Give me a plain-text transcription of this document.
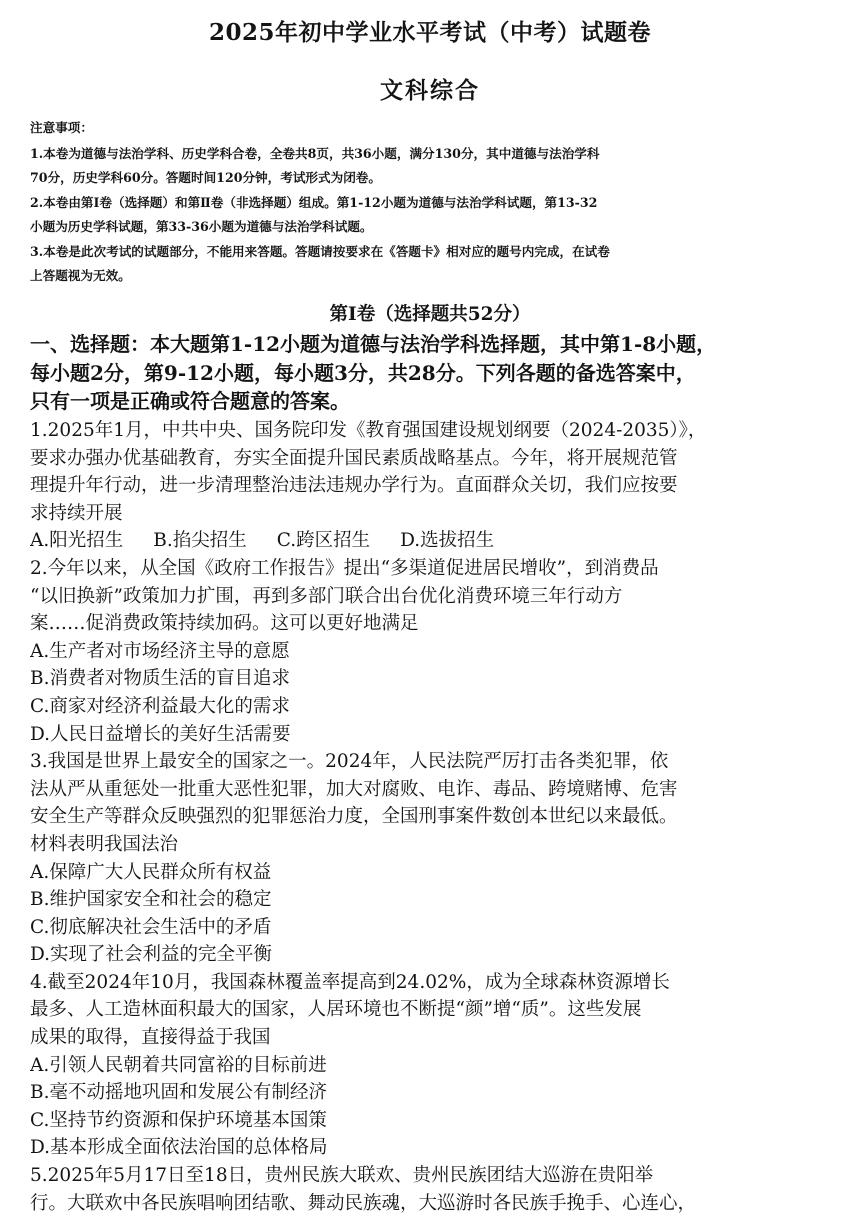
2025年初中学业水平考试（中考）试题卷
文科综合

注意事项：

1.本卷为道德与法治学科、历史学科合卷，全卷共8页，共36小题，满分130分，其中道德与法治学科

70分，历史学科60分。答题时间120分钟，考试形式为闭卷。

2.本卷由第Ⅰ卷（选择题）和第Ⅱ卷（非选择题）组成。第1-12小题为道德与法治学科试题，第13-32

小题为历史学科试题，第33-36小题为道德与法治学科试题。

3.本卷是此次考试的试题部分，不能用来答题。答题请按要求在《答题卡》相对应的题号内完成，在试卷

上答题视为无效。

第Ⅰ卷（选择题共52分）

一、选择题：本大题第1-12小题为道德与法治学科选择题，其中第1-8小题，

每小题2分，第9-12小题，每小题3分，共28分。下列各题的备选答案中，

只有一项是正确或符合题意的答案。

1.2025年1月，中共中央、国务院印发《教育强国建设规划纲要（2024-2035）》，

要求办强办优基础教育，夯实全面提升国民素质战略基点。今年，将开展规范管

理提升年行动，进一步清理整治违法违规办学行为。直面群众关切，我们应按要

求持续开展

A.阳光招生 B.掐尖招生 C.跨区招生 D.选拔招生

2.今年以来，从全国《政府工作报告》提出“多渠道促进居民增收”，到消费品

“以旧换新”政策加力扩围，再到多部门联合出台优化消费环境三年行动方

案……促消费政策持续加码。这可以更好地满足

A.生产者对市场经济主导的意愿

B.消费者对物质生活的盲目追求

C.商家对经济利益最大化的需求

D.人民日益增长的美好生活需要

3.我国是世界上最安全的国家之一。2024年，人民法院严厉打击各类犯罪，依

法从严从重惩处一批重大恶性犯罪，加大对腐败、电诈、毒品、跨境赌博、危害

安全生产等群众反映强烈的犯罪惩治力度，全国刑事案件数创本世纪以来最低。

材料表明我国法治

A.保障广大人民群众所有权益

B.维护国家安全和社会的稳定

C.彻底解决社会生活中的矛盾

D.实现了社会利益的完全平衡

4.截至2024年10月，我国森林覆盖率提高到24.02%，成为全球森林资源增长

最多、人工造林面积最大的国家，人居环境也不断提“颜”增“质”。这些发展

成果的取得，直接得益于我国

A.引领人民朝着共同富裕的目标前进

B.毫不动摇地巩固和发展公有制经济

C.坚持节约资源和保护环境基本国策

D.基本形成全面依法治国的总体格局

5.2025年5月17日至18日，贵州民族大联欢、贵州民族团结大巡游在贵阳举

行。大联欢中各民族唱响团结歌、舞动民族魂，大巡游时各民族手挽手、心连心，
